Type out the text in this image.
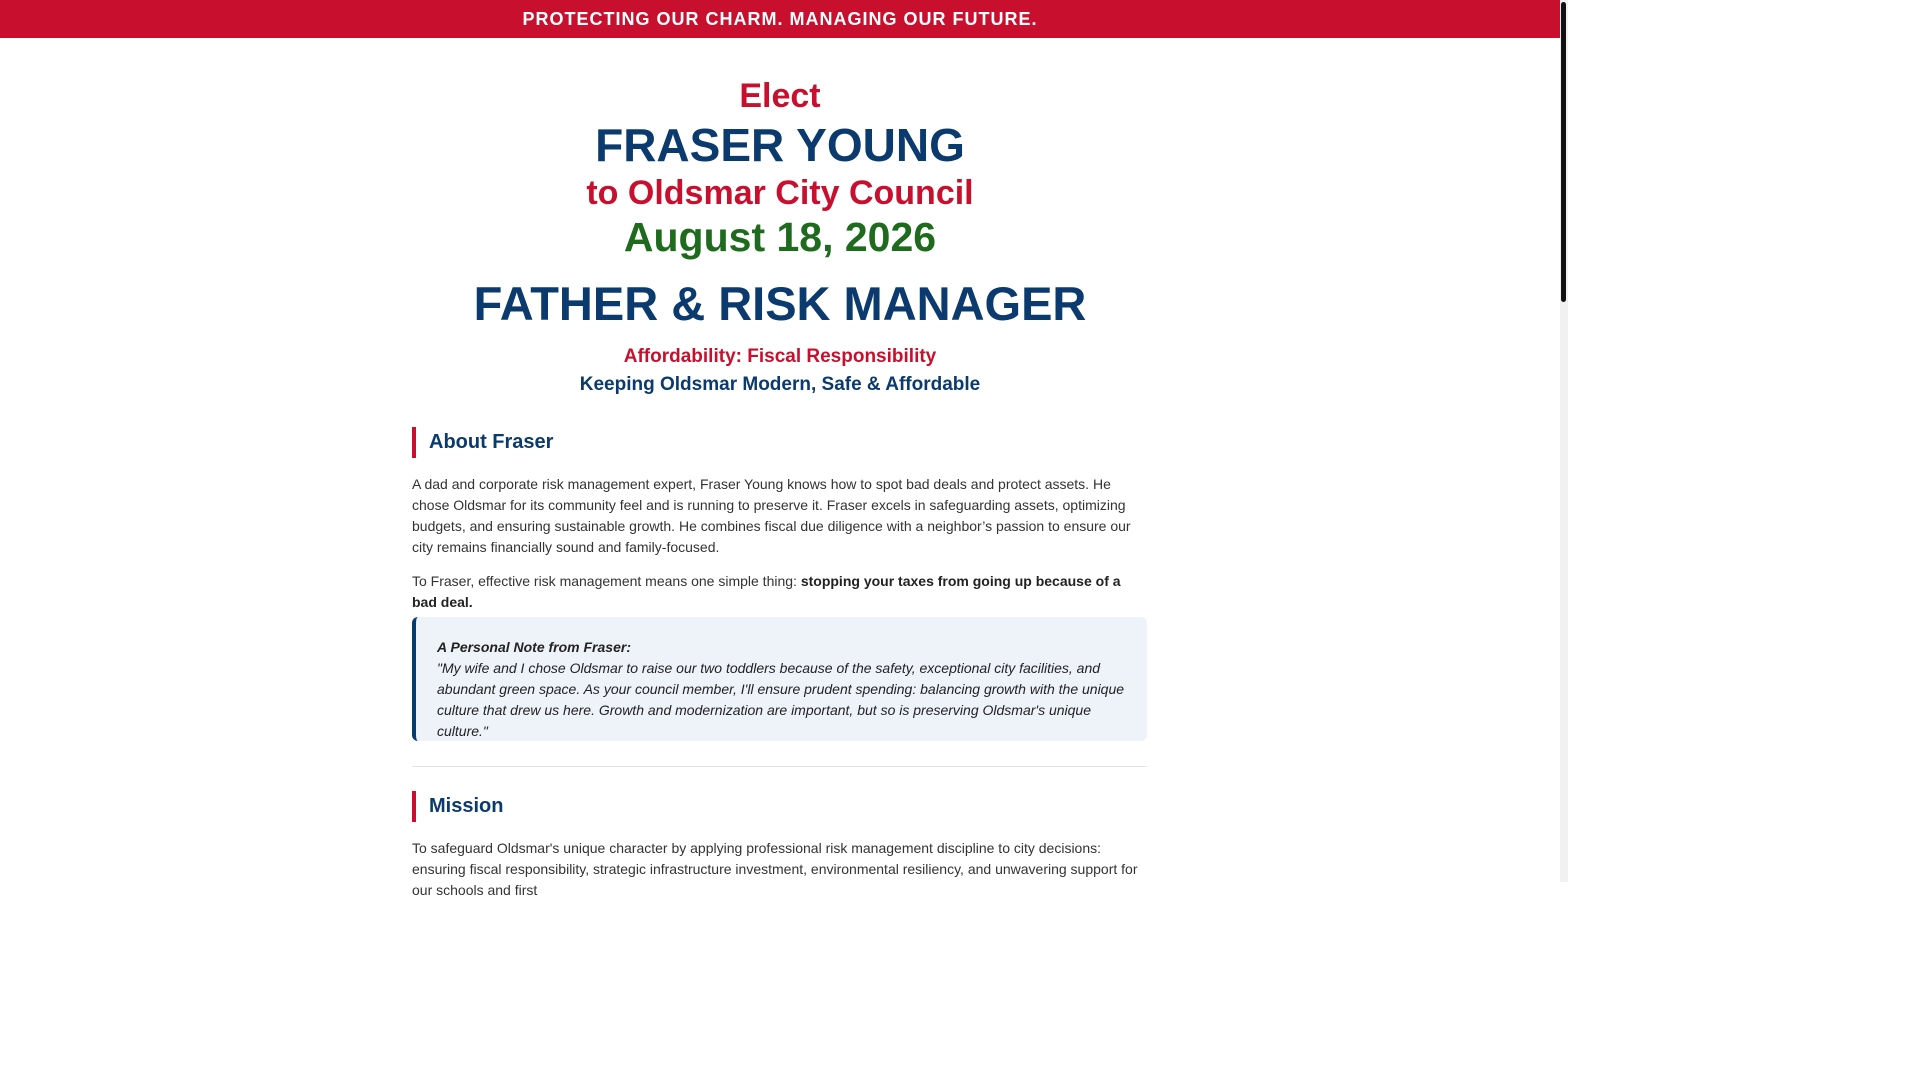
PROTECTING OUR CHARM. MANAGING OUR FUTURE.
Elect
FRASER YOUNG
to Oldsmar City Council
August 18, 2026
FATHER & RISK MANAGER
Affordability: Fiscal Responsibility
Keeping Oldsmar Modern, Safe & Affordable
About Fraser
A dad and corporate risk management expert, Fraser Young knows how to spot bad deals and protect assets. He chose Oldsmar for its community feel and is running to preserve it. Fraser excels in safeguarding assets, optimizing budgets, and ensuring sustainable growth. He combines fiscal due diligence with a neighbor’s passion to ensure our city remains financially sound and family-focused.
To Fraser, effective risk management means one simple thing: stopping your taxes from going up because of a bad deal.
A Personal Note from Fraser:
"My wife and I chose Oldsmar to raise our two toddlers because of the safety, exceptional city facilities, and abundant green space. As your council member, I'll ensure prudent spending: balancing growth with the unique culture that drew us here. Growth and modernization are important, but so is preserving Oldsmar's unique culture."
Mission
To safeguard Oldsmar's unique character by applying professional risk management discipline to city decisions: ensuring fiscal responsibility, strategic infrastructure investment, environmental resiliency, and unwavering support for our schools and first
